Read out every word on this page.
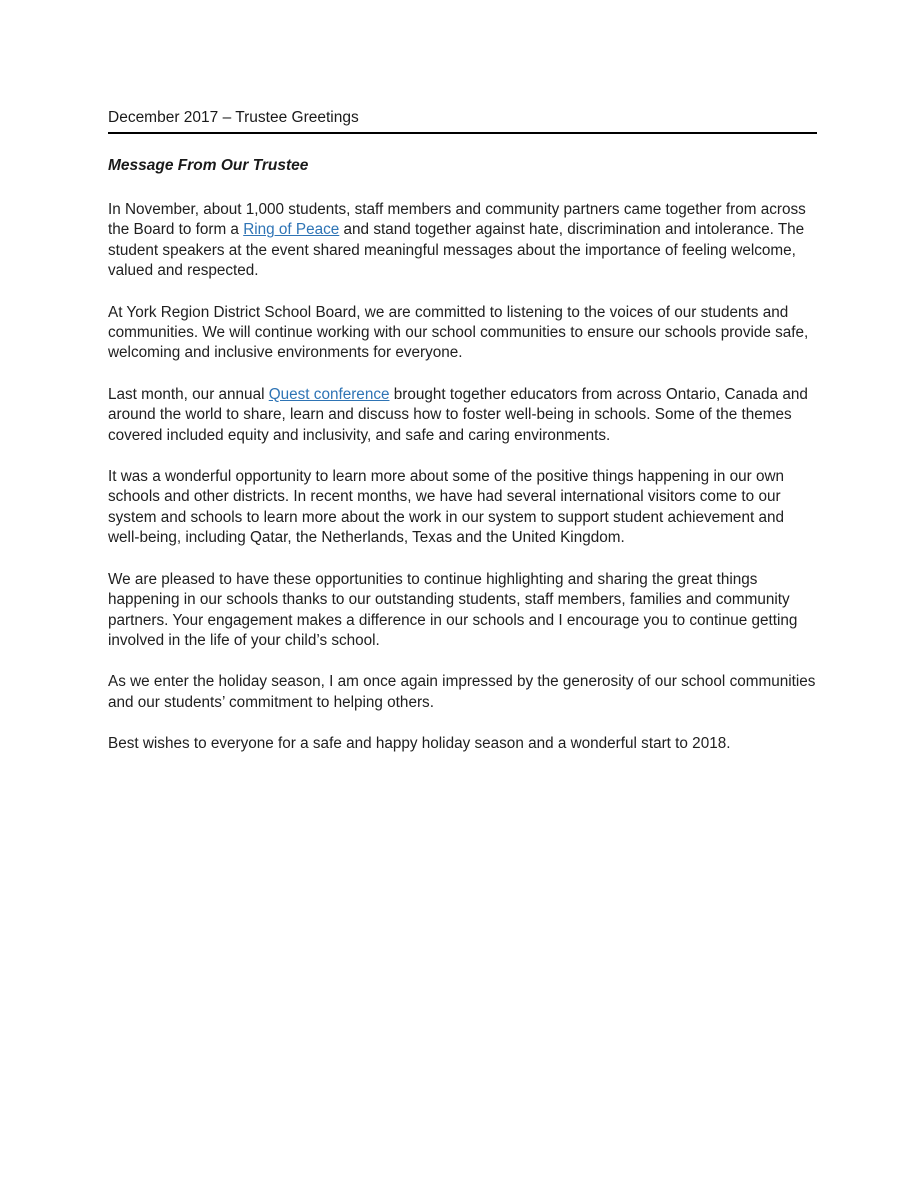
December 2017 – Trustee Greetings
Message From Our Trustee

In November, about 1,000 students, staff members and community partners came together from across the Board to form a Ring of Peace and stand together against hate, discrimination and intolerance. The student speakers at the event shared meaningful messages about the importance of feeling welcome, valued and respected.

At York Region District School Board, we are committed to listening to the voices of our students and communities. We will continue working with our school communities to ensure our schools provide safe, welcoming and inclusive environments for everyone.

Last month, our annual Quest conference brought together educators from across Ontario, Canada and around the world to share, learn and discuss how to foster well-being in schools. Some of the themes covered included equity and inclusivity, and safe and caring environments.

It was a wonderful opportunity to learn more about some of the positive things happening in our own schools and other districts. In recent months, we have had several international visitors come to our system and schools to learn more about the work in our system to support student achievement and well-being, including Qatar, the Netherlands, Texas and the United Kingdom.

We are pleased to have these opportunities to continue highlighting and sharing the great things happening in our schools thanks to our outstanding students, staff members, families and community partners. Your engagement makes a difference in our schools and I encourage you to continue getting involved in the life of your child’s school.

As we enter the holiday season, I am once again impressed by the generosity of our school communities and our students’ commitment to helping others.

Best wishes to everyone for a safe and happy holiday season and a wonderful start to 2018.
